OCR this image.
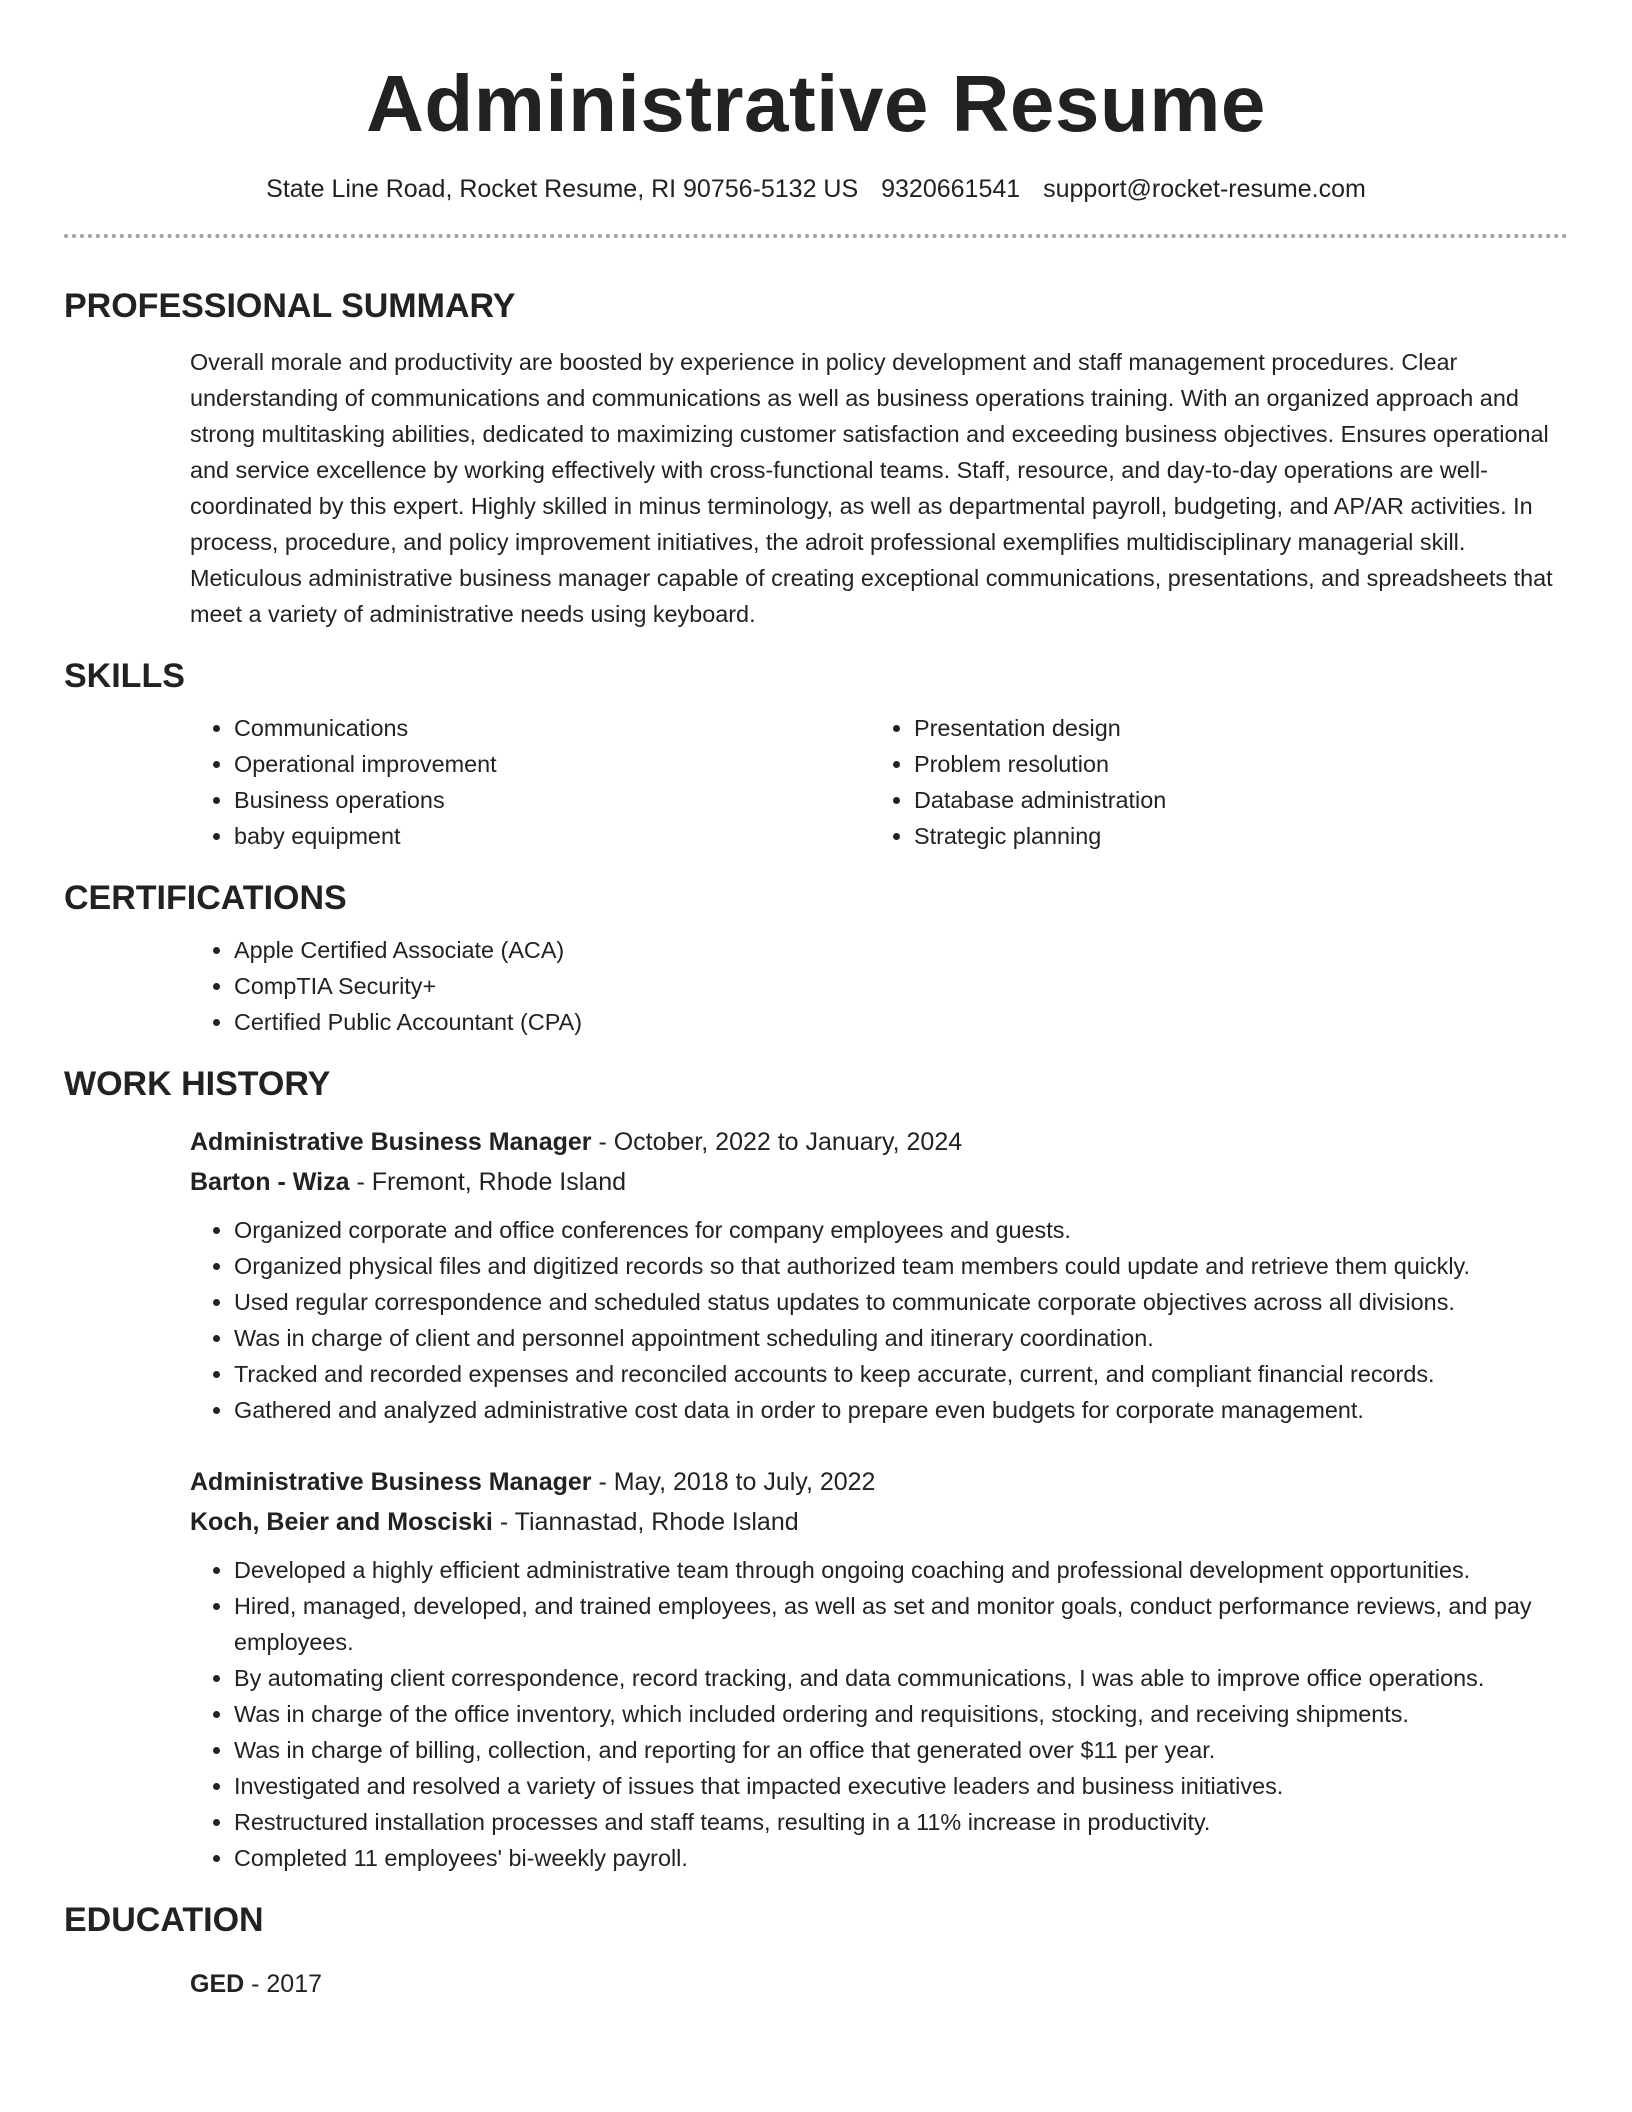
Administrative Resume
State Line Road, Rocket Resume, RI 90756-5132 US 9320661541 support@rocket-resume.com
PROFESSIONAL SUMMARY

Overall morale and productivity are boosted by experience in policy development and staff management procedures. Clear understanding of communications and communications as well as business operations training. With an organized approach and strong multitasking abilities, dedicated to maximizing customer satisfaction and exceeding business objectives. Ensures operational and service excellence by working effectively with cross-functional teams. Staff, resource, and day-to-day operations are well-coordinated by this expert. Highly skilled in minus terminology, as well as departmental payroll, budgeting, and AP/AR activities. In process, procedure, and policy improvement initiatives, the adroit professional exemplifies multidisciplinary managerial skill. Meticulous administrative business manager capable of creating exceptional communications, presentations, and spreadsheets that meet a variety of administrative needs using keyboard.

SKILLS
• Communications
• Operational improvement
• Business operations
• baby equipment
• Presentation design
• Problem resolution
• Database administration
• Strategic planning
CERTIFICATIONS
• Apple Certified Associate (ACA)
• CompTIA Security+
• Certified Public Accountant (CPA)
WORK HISTORY
Administrative Business Manager - October, 2022 to January, 2024
Barton - Wiza - Fremont, Rhode Island
• Organized corporate and office conferences for company employees and guests.
• Organized physical files and digitized records so that authorized team members could update and retrieve them quickly.
• Used regular correspondence and scheduled status updates to communicate corporate objectives across all divisions.
• Was in charge of client and personnel appointment scheduling and itinerary coordination.
• Tracked and recorded expenses and reconciled accounts to keep accurate, current, and compliant financial records.
• Gathered and analyzed administrative cost data in order to prepare even budgets for corporate management.
Administrative Business Manager - May, 2018 to July, 2022
Koch, Beier and Mosciski - Tiannastad, Rhode Island
• Developed a highly efficient administrative team through ongoing coaching and professional development opportunities.
• Hired, managed, developed, and trained employees, as well as set and monitor goals, conduct performance reviews, and pay employees.
• By automating client correspondence, record tracking, and data communications, I was able to improve office operations.
• Was in charge of the office inventory, which included ordering and requisitions, stocking, and receiving shipments.
• Was in charge of billing, collection, and reporting for an office that generated over $11 per year.
• Investigated and resolved a variety of issues that impacted executive leaders and business initiatives.
• Restructured installation processes and staff teams, resulting in a 11% increase in productivity.
• Completed 11 employees' bi-weekly payroll.
EDUCATION
GED - 2017
